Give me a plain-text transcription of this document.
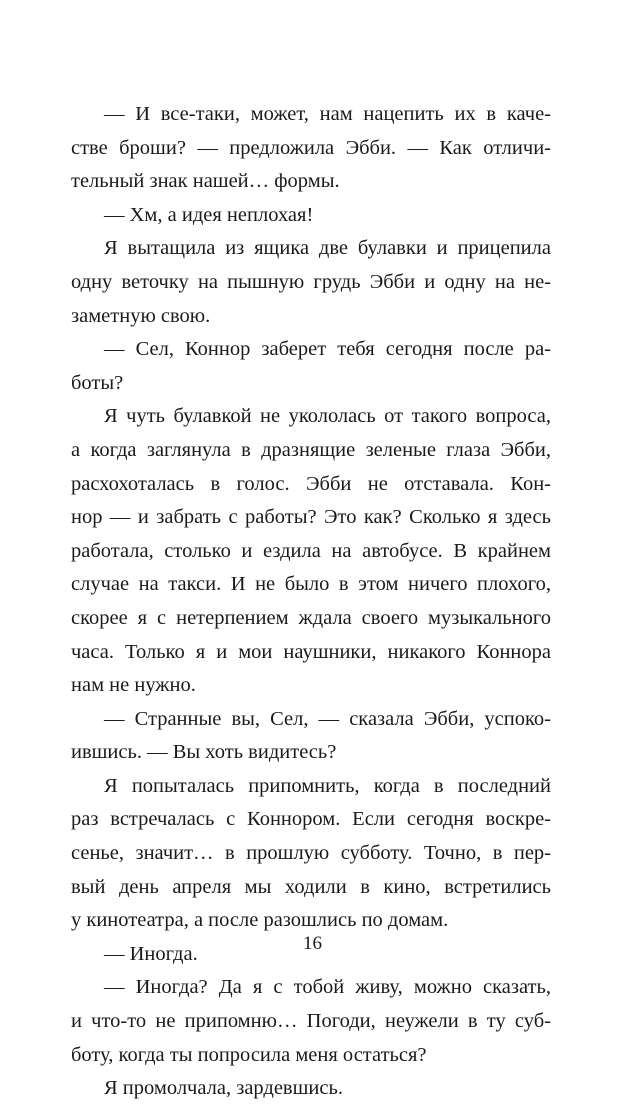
— И все-таки, может, нам нацепить их в каче-
стве броши? — предложила Эбби. — Как отличи-
тельный знак нашей… формы.
— Хм, а идея неплохая!
Я вытащила из ящика две булавки и прицепила
одну веточку на пышную грудь Эбби и одну на не-
заметную свою.
— Сел, Коннор заберет тебя сегодня после ра-
боты?
Я чуть булавкой не укололась от такого вопроса,
а когда заглянула в дразнящие зеленые глаза Эбби,
расхохоталась в голос. Эбби не отставала. Кон-
нор — и забрать с работы? Это как? Сколько я здесь
работала, столько и ездила на автобусе. В крайнем
случае на такси. И не было в этом ничего плохого,
скорее я с нетерпением ждала своего музыкального
часа. Только я и мои наушники, никакого Коннора
нам не нужно.
— Странные вы, Сел, — сказала Эбби, успоко-
ившись. — Вы хоть видитесь?
Я попыталась припомнить, когда в последний
раз встречалась с Коннором. Если сегодня воскре-
сенье, значит… в прошлую субботу. Точно, в пер-
вый день апреля мы ходили в кино, встретились
у кинотеатра, а после разошлись по домам.
— Иногда.
— Иногда? Да я с тобой живу, можно сказать,
и что-то не припомню… Погоди, неужели в ту суб-
боту, когда ты попросила меня остаться?
Я промолчала, зардевшись.
16
